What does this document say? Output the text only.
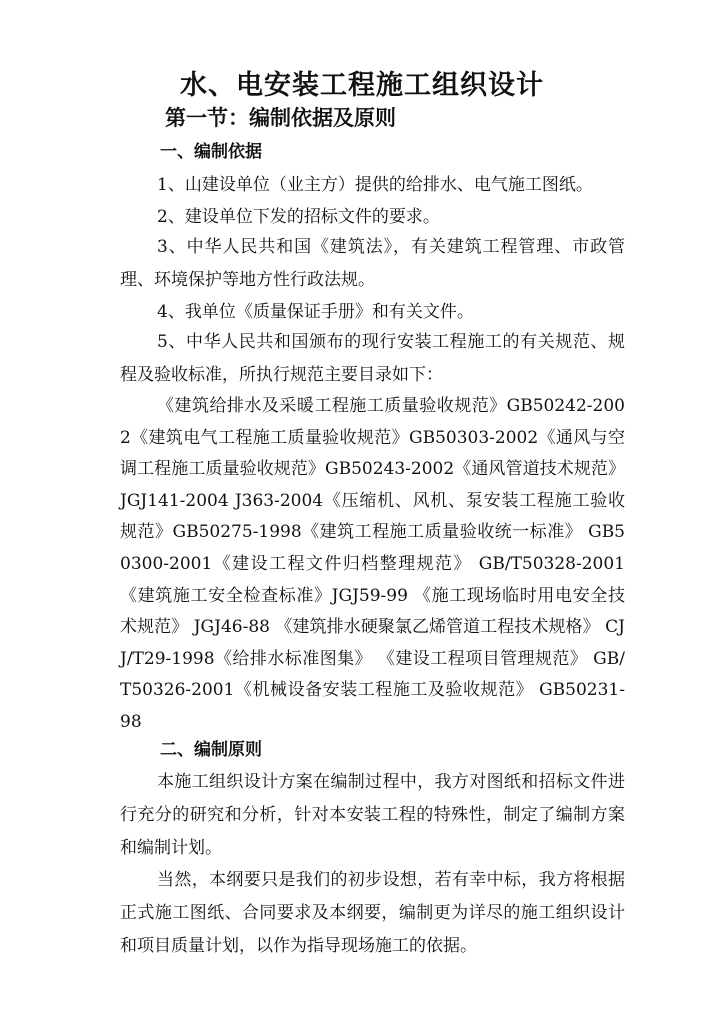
水、电安装工程施工组织设计
第一节：编制依据及原则
一、编制依据
1、山建设单位（业主方）提供的给排水、电气施工图纸。
2、建设单位下发的招标文件的要求。
3、中华人民共和国《建筑法》，有关建筑工程管理、市政管理、环境保护等地方性行政法规。
4、我单位《质量保证手册》和有关文件。
5、中华人民共和国颁布的现行安装工程施工的有关规范、规程及验收标准，所执行规范主要目录如下：
《建筑给排水及采暖工程施工质量验收规范》GB50242-2002《建筑电气工程施工质量验收规范》GB50303-2002《通风与空调工程施工质量验收规范》GB50243-2002《通风管道技术规范》 JGJ141-2004 J363-2004《压缩机、风机、泵安装工程施工验收规范》GB50275-1998《建筑工程施工质量验收统一标准》 GB50300-2001《建设工程文件归档整理规范》 GB/T50328-2001《建筑施工安全检查标准》JGJ59-99 《施工现场临时用电安全技术规范》 JGJ46-88 《建筑排水硬聚氯乙烯管道工程技术规格》 CJJ/T29-1998《给排水标准图集》 《建设工程项目管理规范》 GB/T50326-2001《机械设备安装工程施工及验收规范》 GB50231-98
二、编制原则
本施工组织设计方案在编制过程中，我方对图纸和招标文件进行充分的研究和分析，针对本安装工程的特殊性，制定了编制方案和编制计划。
当然，本纲要只是我们的初步设想，若有幸中标，我方将根据正式施工图纸、合同要求及本纲要，编制更为详尽的施工组织设计和项目质量计划，以作为指导现场施工的依据。
